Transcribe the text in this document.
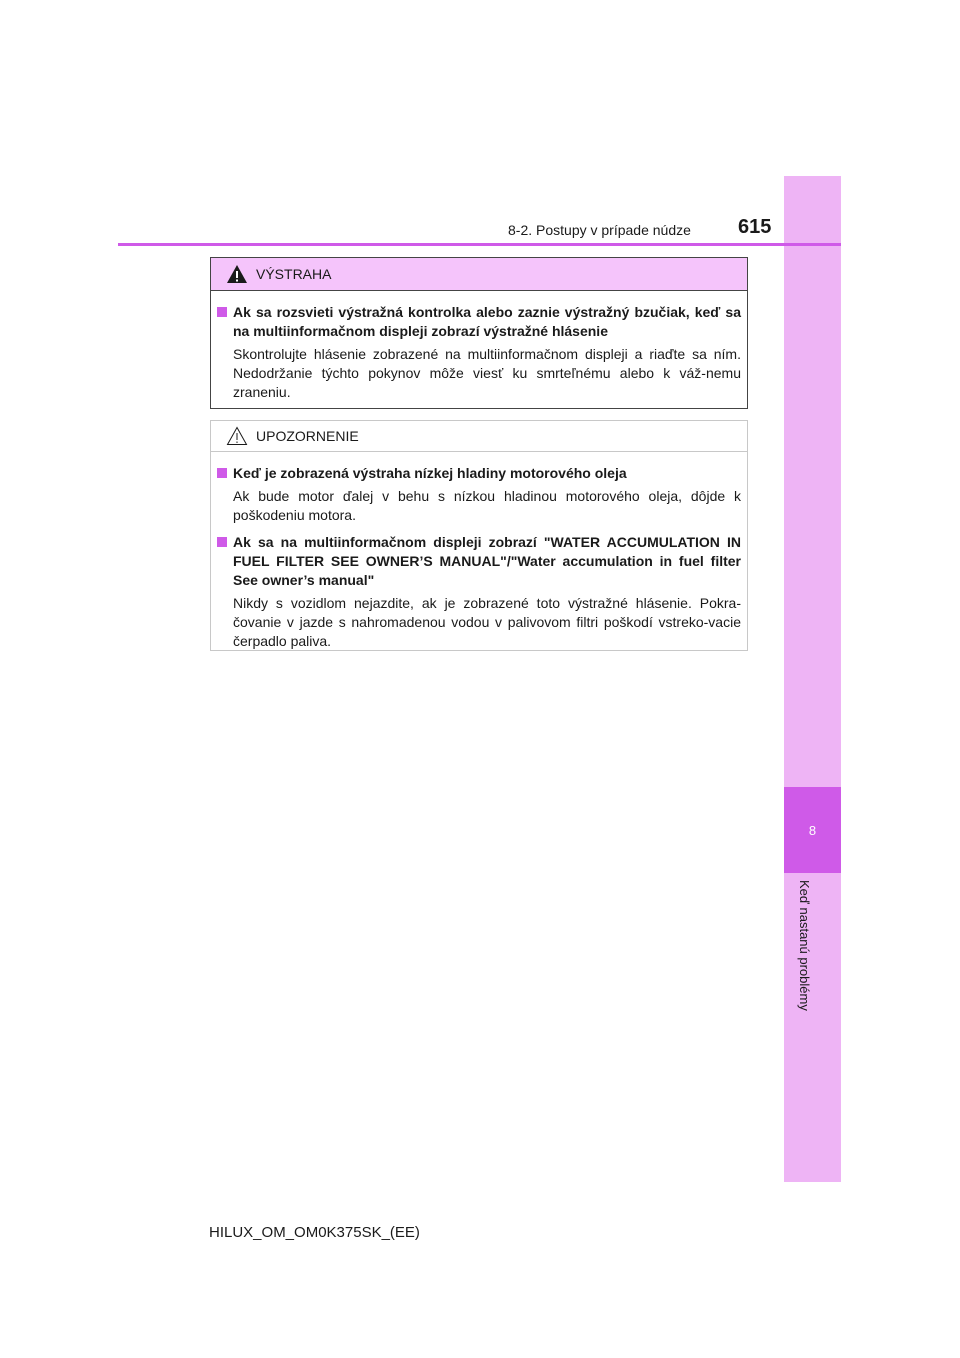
8
Keď nastanú problémy
8-2. Postupy v prípade núdze 615
VÝSTRAHA
Ak sa rozsvieti výstražná kontrolka alebo zaznie výstražný bzučiak, keď sa na multiinformačnom displeji zobrazí výstražné hlásenie
Skontrolujte hlásenie zobrazené na multiinformačnom displeji a riaďte sa ním. Nedodržanie týchto pokynov môže viesť ku smrteľnému alebo k váž-nemu zraneniu.
UPOZORNENIE
Keď je zobrazená výstraha nízkej hladiny motorového oleja
Ak bude motor ďalej v behu s nízkou hladinou motorového oleja, dôjde k poškodeniu motora.
Ak sa na multiinformačnom displeji zobrazí "WATER ACCUMULATION IN FUEL FILTER SEE OWNER’S MANUAL"/"Water accumulation in fuel filter See owner’s manual"
Nikdy s vozidlom nejazdite, ak je zobrazené toto výstražné hlásenie. Pokra-čovanie v jazde s nahromadenou vodou v palivovom filtri poškodí vstreko-vacie čerpadlo paliva.
HILUX_OM_OM0K375SK_(EE)
